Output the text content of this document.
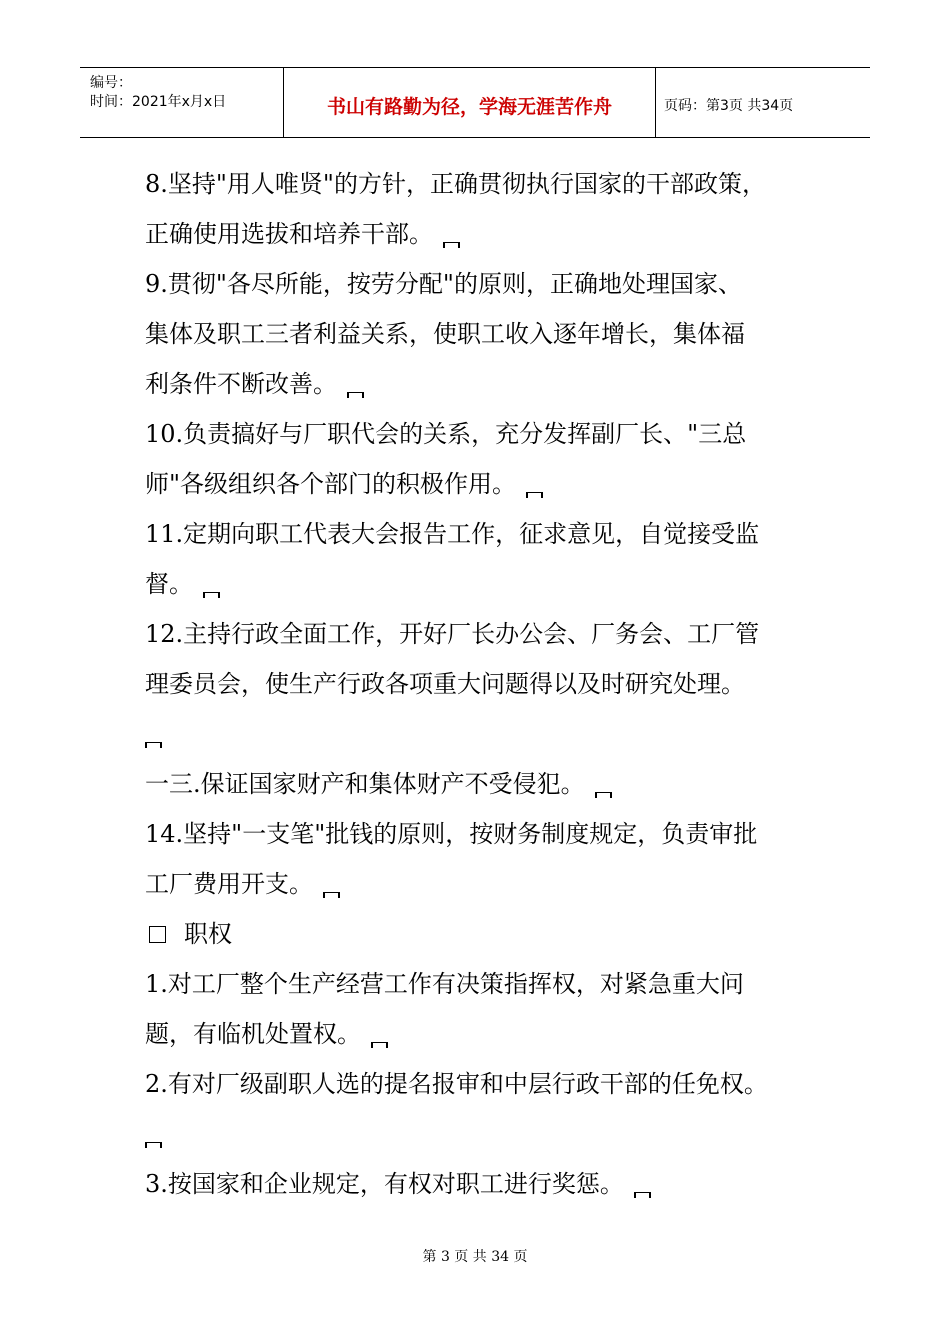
编号：
时间：2021年x月x日	书山有路勤为径，学海无涯苦作舟	页码：第3页 共34页
8.坚持"用人唯贤"的方针，正确贯彻执行国家的干部政策，
正确使用选拔和培养干部。
9.贯彻"各尽所能，按劳分配"的原则，正确地处理国家、
集体及职工三者利益关系，使职工收入逐年增长，集体福
利条件不断改善。
10.负责搞好与厂职代会的关系，充分发挥副厂长、"三总
师"各级组织各个部门的积极作用。
11.定期向职工代表大会报告工作，征求意见，自觉接受监
督。
12.主持行政全面工作，开好厂长办公会、厂务会、工厂管
理委员会，使生产行政各项重大问题得以及时研究处理。
一三.保证国家财产和集体财产不受侵犯。
14.坚持"一支笔"批钱的原则，按财务制度规定，负责审批
工厂费用开支。
职权
1.对工厂整个生产经营工作有决策指挥权，对紧急重大问
题，有临机处置权。
2.有对厂级副职人选的提名报审和中层行政干部的任免权。
3.按国家和企业规定，有权对职工进行奖惩。
第 3 页 共 34 页
